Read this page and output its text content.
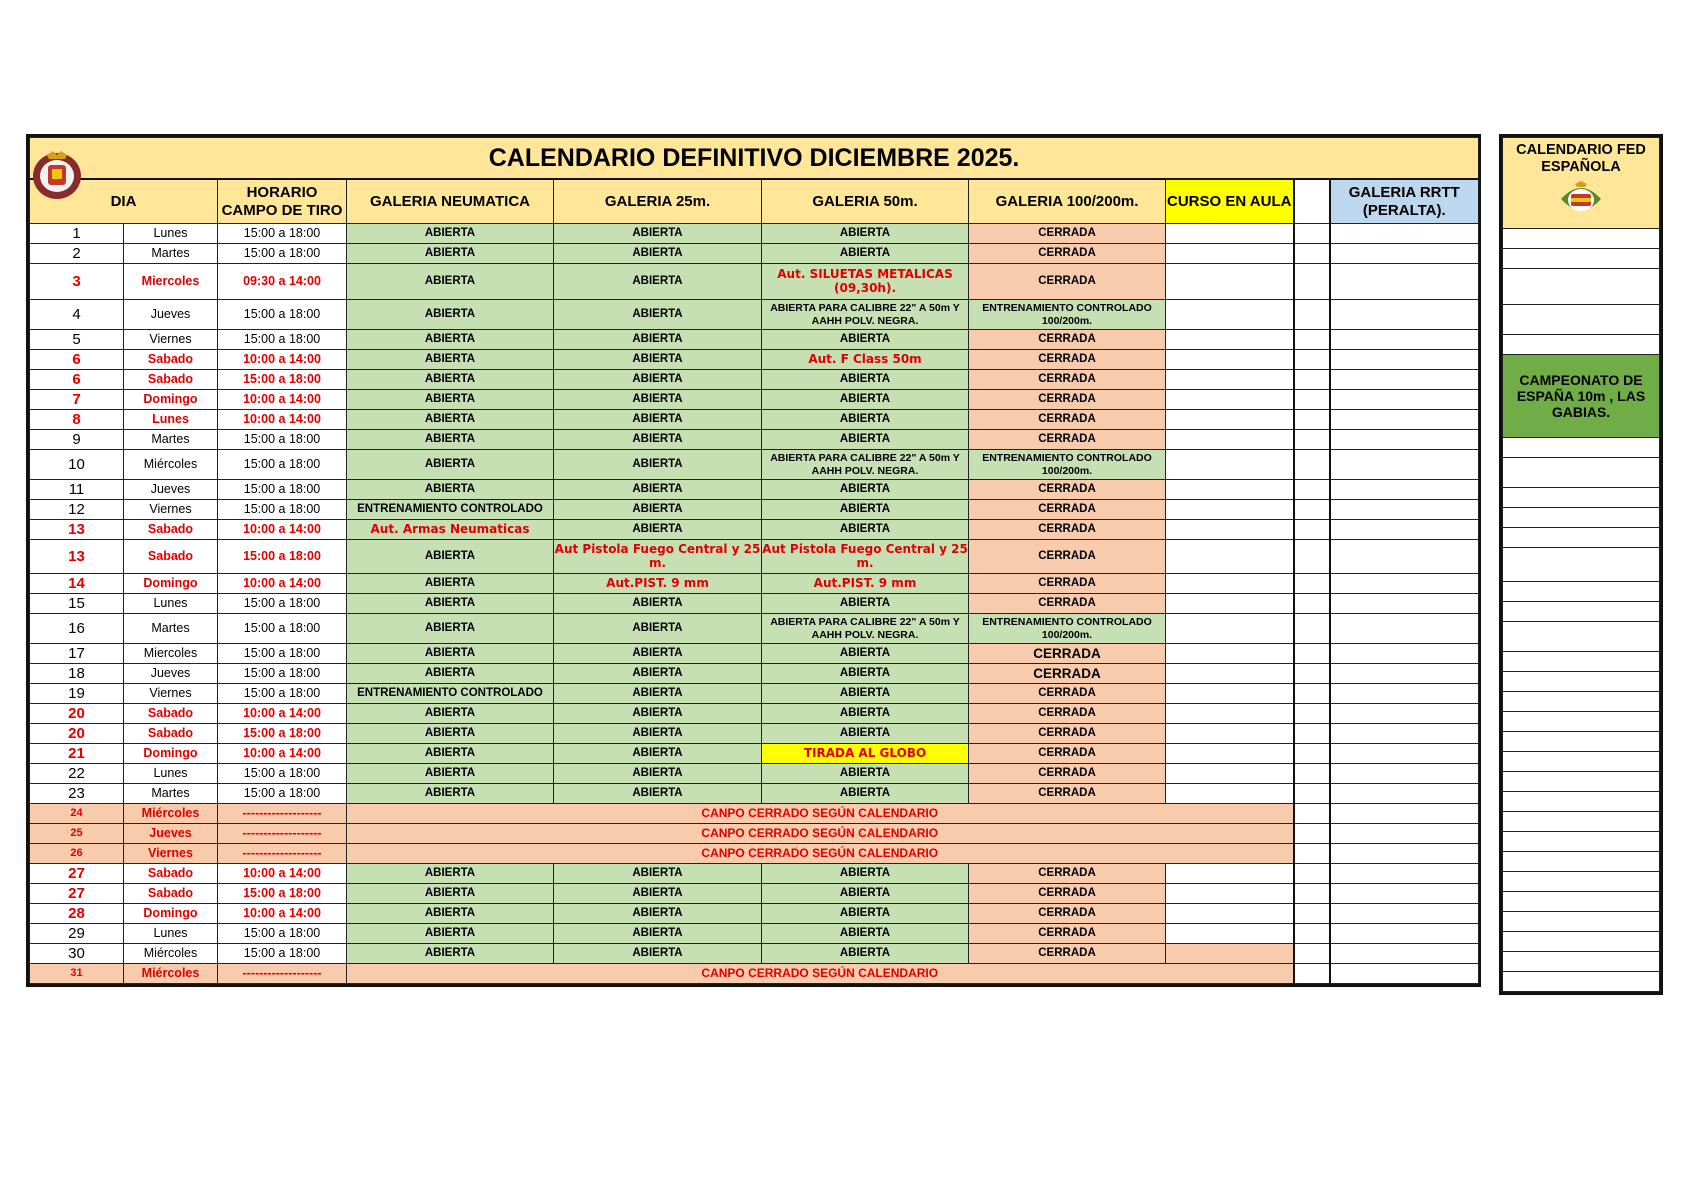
CALENDARIO DEFINITIVO DICIEMBRE 2025.									
DIA		HORARIO CAMPO DE TIRO	GALERIA NEUMATICA	GALERIA 25m.	GALERIA 50m.	GALERIA 100/200m.	CURSO EN AULA		GALERIA RRTT (PERALTA).
1	Lunes	15:00 a 18:00	ABIERTA	ABIERTA	ABIERTA	CERRADA			
2	Martes	15:00 a 18:00	ABIERTA	ABIERTA	ABIERTA	CERRADA			
3	Miercoles	09:30 a 14:00	ABIERTA	ABIERTA	Aut. SILUETAS METALICAS (09,30h).	CERRADA			
4	Jueves	15:00 a 18:00	ABIERTA	ABIERTA	ABIERTA PARA CALIBRE 22" A 50m Y AAHH POLV. NEGRA.	ENTRENAMIENTO CONTROLADO 100/200m.			
5	Viernes	15:00 a 18:00	ABIERTA	ABIERTA	ABIERTA	CERRADA			
6	Sabado	10:00 a 14:00	ABIERTA	ABIERTA	Aut. F Class 50m	CERRADA			
6	Sabado	15:00 a 18:00	ABIERTA	ABIERTA	ABIERTA	CERRADA			
7	Domingo	10:00 a 14:00	ABIERTA	ABIERTA	ABIERTA	CERRADA			
8	Lunes	10:00 a 14:00	ABIERTA	ABIERTA	ABIERTA	CERRADA			
9	Martes	15:00 a 18:00	ABIERTA	ABIERTA	ABIERTA	CERRADA			
10	Miércoles	15:00 a 18:00	ABIERTA	ABIERTA	ABIERTA PARA CALIBRE 22" A 50m Y AAHH POLV. NEGRA.	ENTRENAMIENTO CONTROLADO 100/200m.			
11	Jueves	15:00 a 18:00	ABIERTA	ABIERTA	ABIERTA	CERRADA			
12	Viernes	15:00 a 18:00	ENTRENAMIENTO CONTROLADO	ABIERTA	ABIERTA	CERRADA			
13	Sabado	10:00 a 14:00	Aut. Armas Neumaticas	ABIERTA	ABIERTA	CERRADA			
13	Sabado	15:00 a 18:00	ABIERTA	Aut Pistola Fuego Central y 25 m.	Aut Pistola Fuego Central y 25 m.	CERRADA			
14	Domingo	10:00 a 14:00	ABIERTA	Aut.PIST. 9 mm	Aut.PIST. 9 mm	CERRADA			
15	Lunes	15:00 a 18:00	ABIERTA	ABIERTA	ABIERTA	CERRADA			
16	Martes	15:00 a 18:00	ABIERTA	ABIERTA	ABIERTA PARA CALIBRE 22" A 50m Y AAHH POLV. NEGRA.	ENTRENAMIENTO CONTROLADO 100/200m.			
17	Miercoles	15:00 a 18:00	ABIERTA	ABIERTA	ABIERTA	CERRADA			
18	Jueves	15:00 a 18:00	ABIERTA	ABIERTA	ABIERTA	CERRADA			
19	Viernes	15:00 a 18:00	ENTRENAMIENTO CONTROLADO	ABIERTA	ABIERTA	CERRADA			
20	Sabado	10:00 a 14:00	ABIERTA	ABIERTA	ABIERTA	CERRADA			
20	Sabado	15:00 a 18:00	ABIERTA	ABIERTA	ABIERTA	CERRADA			
21	Domingo	10:00 a 14:00	ABIERTA	ABIERTA	TIRADA AL GLOBO	CERRADA			
22	Lunes	15:00 a 18:00	ABIERTA	ABIERTA	ABIERTA	CERRADA			
23	Martes	15:00 a 18:00	ABIERTA	ABIERTA	ABIERTA	CERRADA			
24	Miércoles	-------------------	CANPO CERRADO SEGÚN CALENDARIO						
25	Jueves	-------------------	CANPO CERRADO SEGÚN CALENDARIO						
26	Viernes	-------------------	CANPO CERRADO SEGÚN CALENDARIO						
27	Sabado	10:00 a 14:00	ABIERTA	ABIERTA	ABIERTA	CERRADA			
27	Sabado	15:00 a 18:00	ABIERTA	ABIERTA	ABIERTA	CERRADA			
28	Domingo	10:00 a 14:00	ABIERTA	ABIERTA	ABIERTA	CERRADA			
29	Lunes	15:00 a 18:00	ABIERTA	ABIERTA	ABIERTA	CERRADA			
30	Miércoles	15:00 a 18:00	ABIERTA	ABIERTA	ABIERTA	CERRADA			
31	Miércoles	-------------------	CANPO CERRADO SEGÚN CALENDARIO						
CALENDARIO FED ESPAÑOLA

CAMPEONATO DE ESPAÑA 10m , LAS GABIAS.
